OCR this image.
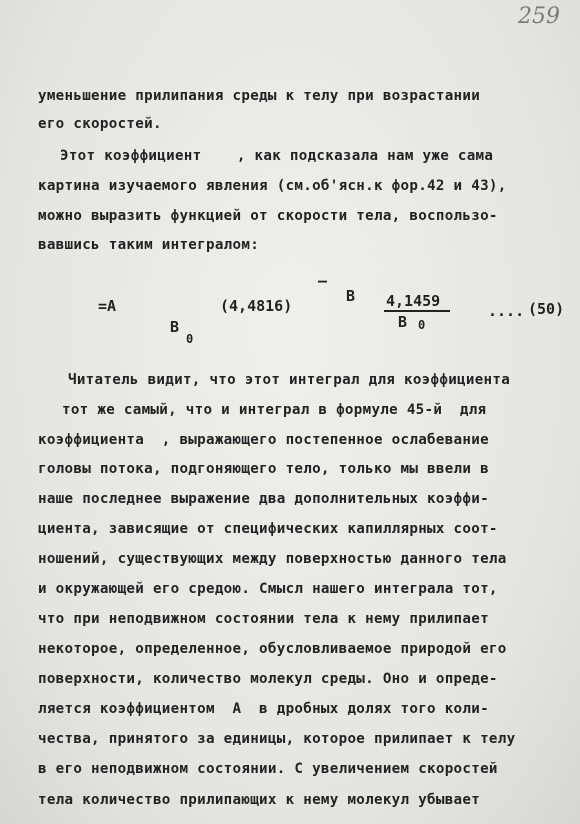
259
уменьшение прилипания среды к телу при возрастании
его скоростей.
Этот коэффициент    , как подсказала нам уже сама
картина изучаемого явления (см.об'ясн.к фор.42 и 43),
можно выразить функцией от скорости тела, воспользо-
вавшись таким интегралом:
=A
B
0
(4,4816)
–
B 4,1459
B 0
.... (50)
Читатель видит, что этот интеграл для коэффициента
тот же самый, что и интеграл в формуле 45-й  для
коэффициента  , выражающего постепенное ослабевание
головы потока, подгоняющего тело, только мы ввели в
наше последнее выражение два дополнительных коэффи-
циента, зависящие от специфических капиллярных соот-
ношений, существующих между поверхностью данного тела
и окружающей его средою. Смысл нашего интеграла тот,
что при неподвижном состоянии тела к нему прилипает
некоторое, определенное, обусловливаемое природой его
поверхности, количество молекул среды. Оно и опреде-
ляется коэффициентом  A  в дробных долях того коли-
чества, принятого за единицы, которое прилипает к телу
в его неподвижном состоянии. С увеличением скоростей
тела количество прилипающих к нему молекул убывает
